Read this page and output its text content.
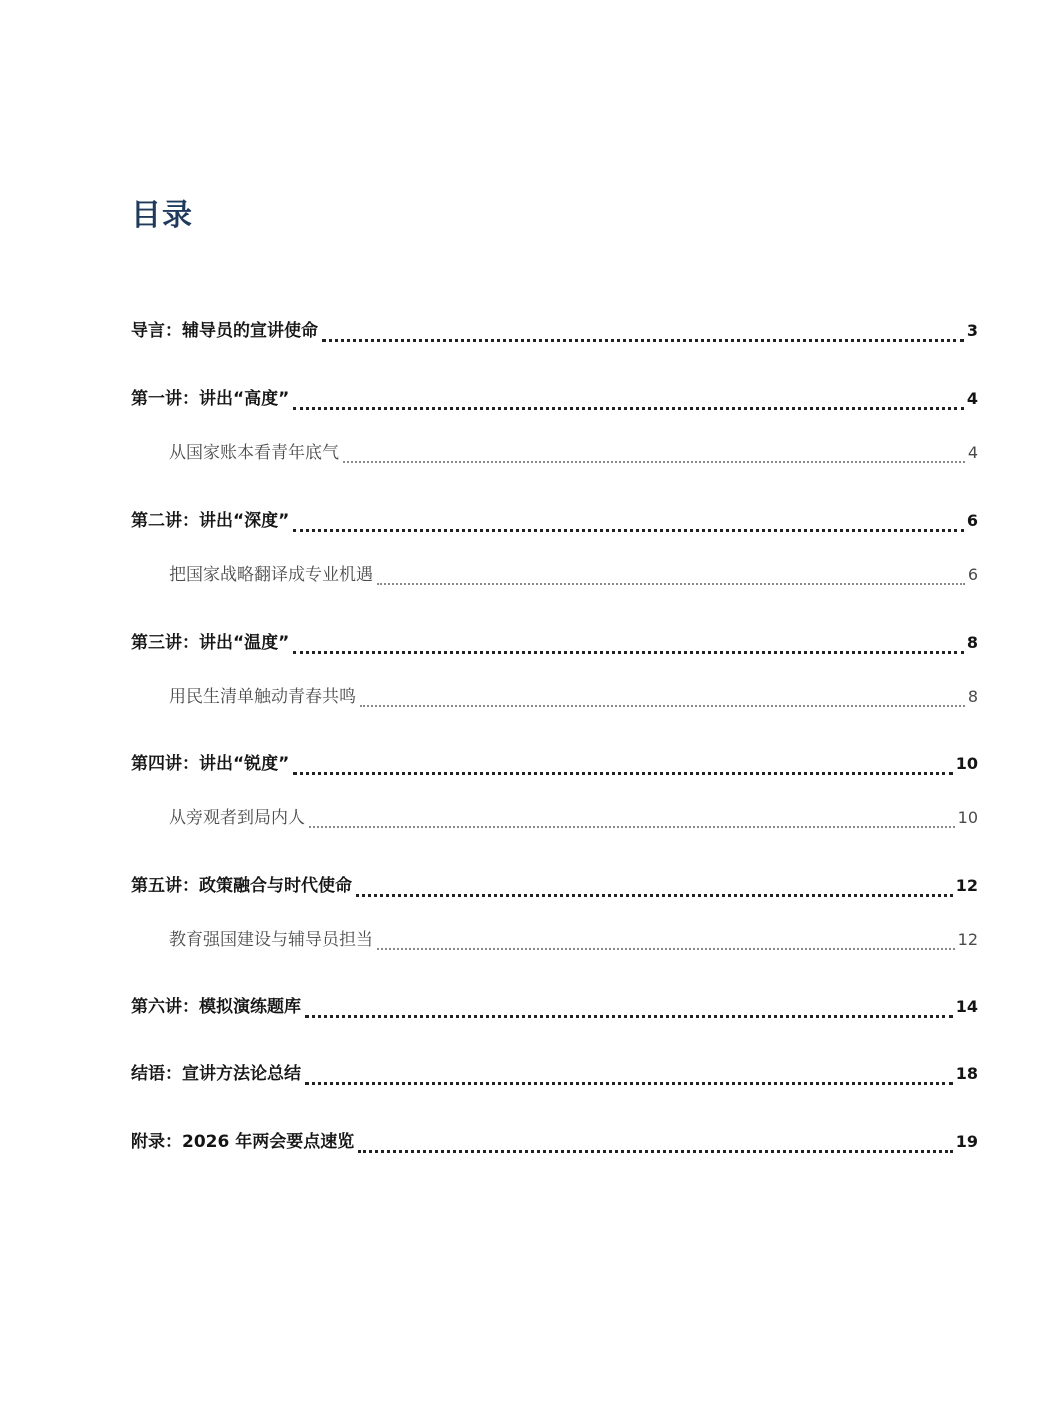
目录
导言：辅导员的宣讲使命	3
第一讲：讲出“高度”	4
从国家账本看青年底气	4
第二讲：讲出“深度”	6
把国家战略翻译成专业机遇	6
第三讲：讲出“温度”	8
用民生清单触动青春共鸣	8
第四讲：讲出“锐度”	10
从旁观者到局内人	10
第五讲：政策融合与时代使命	12
教育强国建设与辅导员担当	12
第六讲：模拟演练题库	14
结语：宣讲方法论总结	18
附录：2026 年两会要点速览	19
